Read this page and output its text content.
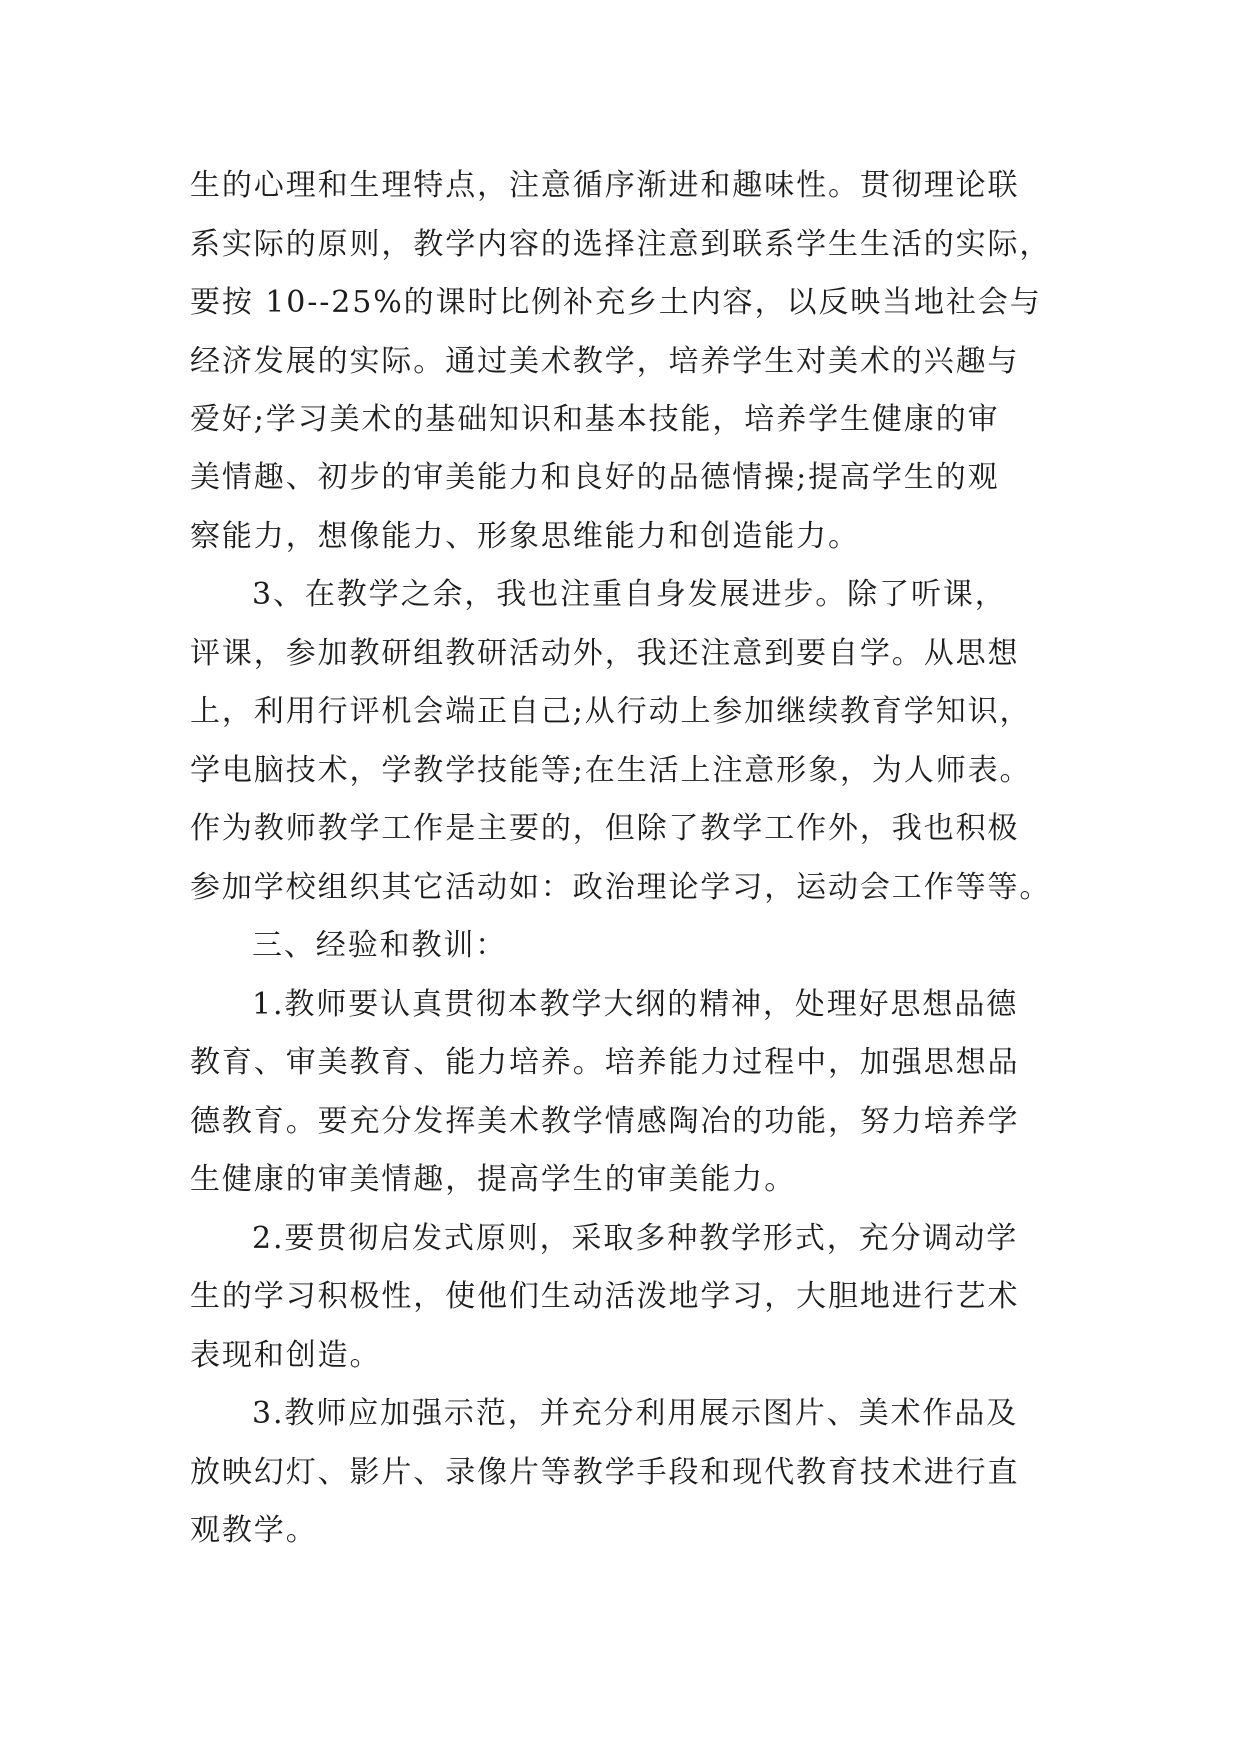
生的心理和生理特点，注意循序渐进和趣味性。贯彻理论联
系实际的原则，教学内容的选择注意到联系学生生活的实际，
要按 10--25%的课时比例补充乡土内容，以反映当地社会与
经济发展的实际。通过美术教学，培养学生对美术的兴趣与
爱好;学习美术的基础知识和基本技能，培养学生健康的审
美情趣、初步的审美能力和良好的品德情操;提高学生的观
察能力，想像能力、形象思维能力和创造能力。
3、在教学之余，我也注重自身发展进步。除了听课，
评课，参加教研组教研活动外，我还注意到要自学。从思想
上，利用行评机会端正自己;从行动上参加继续教育学知识，
学电脑技术，学教学技能等;在生活上注意形象，为人师表。
作为教师教学工作是主要的，但除了教学工作外，我也积极
参加学校组织其它活动如：政治理论学习，运动会工作等等。
三、经验和教训：
1.教师要认真贯彻本教学大纲的精神，处理好思想品德
教育、审美教育、能力培养。培养能力过程中，加强思想品
德教育。要充分发挥美术教学情感陶冶的功能，努力培养学
生健康的审美情趣，提高学生的审美能力。
2.要贯彻启发式原则，采取多种教学形式，充分调动学
生的学习积极性，使他们生动活泼地学习，大胆地进行艺术
表现和创造。
3.教师应加强示范，并充分利用展示图片、美术作品及
放映幻灯、影片、录像片等教学手段和现代教育技术进行直
观教学。
